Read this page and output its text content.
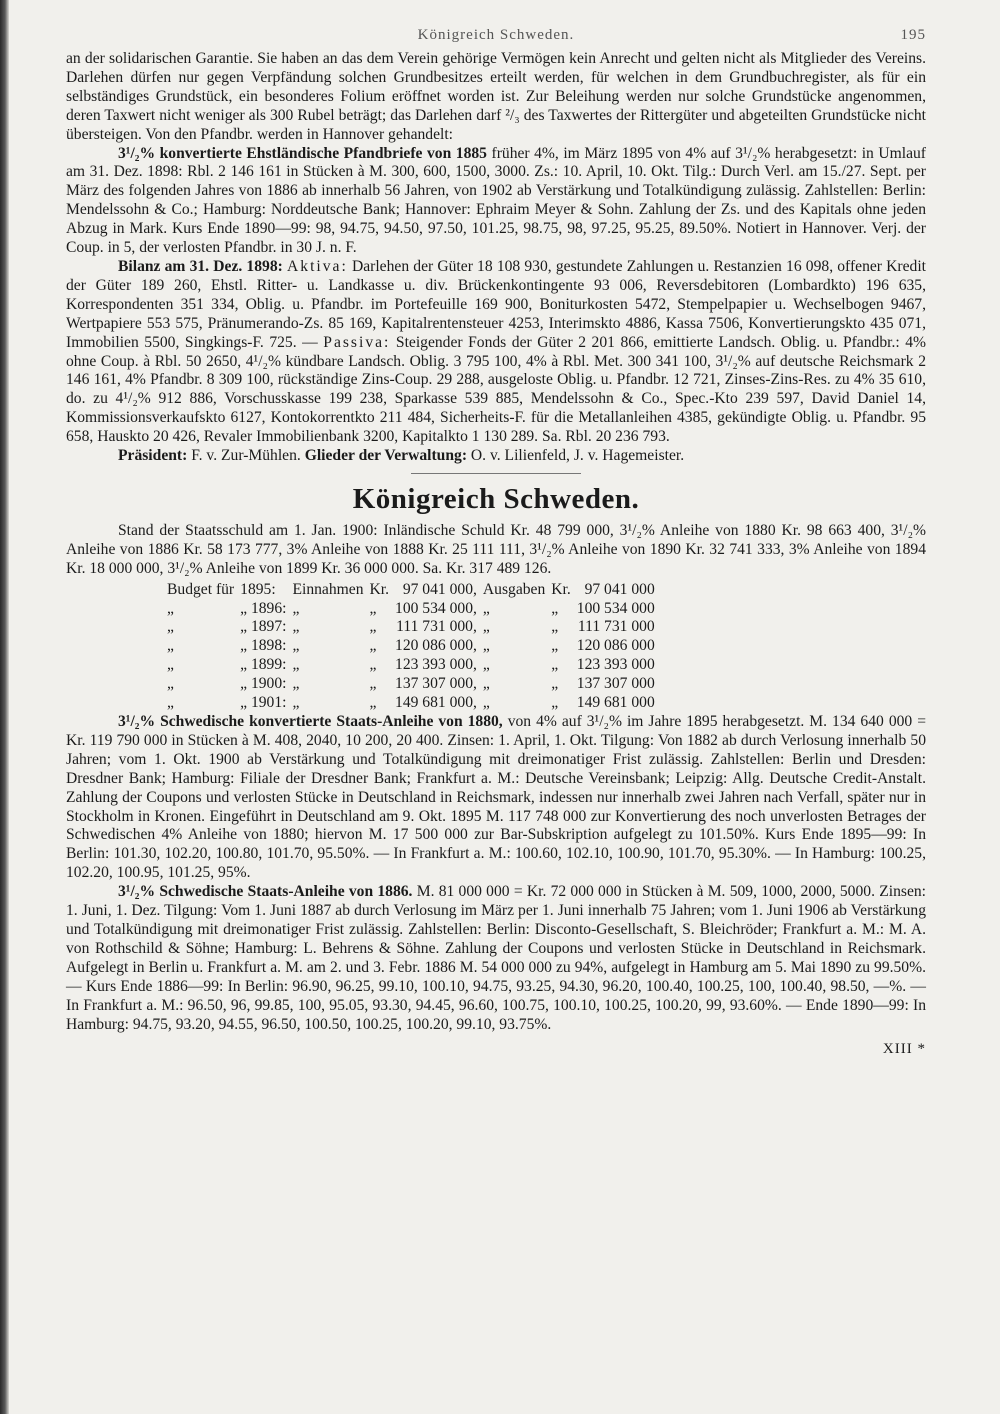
Königreich Schweden.	195

an der solidarischen Garantie. Sie haben an das dem Verein gehörige Vermögen kein Anrecht und gelten nicht als Mitglieder des Vereins. Darlehen dürfen nur gegen Verpfändung solchen Grundbesitzes erteilt werden, für welchen in dem Grundbuchregister, als für ein selbständiges Grundstück, ein besonderes Folium eröffnet worden ist. Zur Beleihung werden nur solche Grundstücke angenommen, deren Taxwert nicht weniger als 300 Rubel beträgt; das Darlehen darf ²/₃ des Taxwertes der Rittergüter und abgeteilten Grundstücke nicht übersteigen. Von den Pfandbr. werden in Hannover gehandelt:

3¹/₂% konvertierte Ehstländische Pfandbriefe von 1885 früher 4%, im März 1895 von 4% auf 3¹/₂% herabgesetzt: in Umlauf am 31. Dez. 1898: Rbl. 2 146 161 in Stücken à M. 300, 600, 1500, 3000. Zs.: 10. April, 10. Okt. Tilg.: Durch Verl. am 15./27. Sept. per März des folgenden Jahres von 1886 ab innerhalb 56 Jahren, von 1902 ab Verstärkung und Totalkündigung zulässig. Zahlstellen: Berlin: Mendelssohn & Co.; Hamburg: Norddeutsche Bank; Hannover: Ephraim Meyer & Sohn. Zahlung der Zs. und des Kapitals ohne jeden Abzug in Mark. Kurs Ende 1890—99: 98, 94.75, 94.50, 97.50, 101.25, 98.75, 98, 97.25, 95.25, 89.50%. Notiert in Hannover. Verj. der Coup. in 5, der verlosten Pfandbr. in 30 J. n. F.

Bilanz am 31. Dez. 1898: Aktiva: Darlehen der Güter 18 108 930, gestundete Zahlungen u. Restanzien 16 098, offener Kredit der Güter 189 260, Ehstl. Ritter- u. Landkasse u. div. Brückenkontingente 93 006, Reversdebitoren (Lombardkto) 196 635, Korrespondenten 351 334, Oblig. u. Pfandbr. im Portefeuille 169 900, Boniturkosten 5472, Stempelpapier u. Wechselbogen 9467, Wertpapiere 553 575, Pränumerando-Zs. 85 169, Kapitalrentensteuer 4253, Interimskto 4886, Kassa 7506, Konvertierungskto 435 071, Immobilien 5500, Singkings-F. 725. — Passiva: Steigender Fonds der Güter 2 201 866, emittierte Landsch. Oblig. u. Pfandbr.: 4% ohne Coup. à Rbl. 50 2650, 4¹/₂% kündbare Landsch. Oblig. 3 795 100, 4% à Rbl. Met. 300 341 100, 3¹/₂% auf deutsche Reichsmark 2 146 161, 4% Pfandbr. 8 309 100, rückständige Zins-Coup. 29 288, ausgeloste Oblig. u. Pfandbr. 12 721, Zinses-Zins-Res. zu 4% 35 610, do. zu 4¹/₂% 912 886, Vorschusskasse 199 238, Sparkasse 539 885, Mendelssohn & Co., Spec.-Kto 239 597, David Daniel 14, Kommissionsverkaufskto 6127, Kontokorrentkto 211 484, Sicherheits-F. für die Metallanleihen 4385, gekündigte Oblig. u. Pfandbr. 95 658, Hauskto 20 426, Revaler Immobilienbank 3200, Kapitalkto 1 130 289. Sa. Rbl. 20 236 793.

Präsident: F. v. Zur-Mühlen. Glieder der Verwaltung: O. v. Lilienfeld, J. v. Hagemeister.

Königreich Schweden.

Stand der Staatsschuld am 1. Jan. 1900: Inländische Schuld Kr. 48 799 000, 3¹/₂% Anleihe von 1880 Kr. 98 663 400, 3¹/₂% Anleihe von 1886 Kr. 58 173 777, 3% Anleihe von 1888 Kr. 25 111 111, 3¹/₂% Anleihe von 1890 Kr. 32 741 333, 3% Anleihe von 1894 Kr. 18 000 000, 3¹/₂% Anleihe von 1899 Kr. 36 000 000. Sa. Kr. 317 489 126.

Budget für	1895:	Einnahmen	Kr.	97 041 000,	Ausgaben	Kr.	97 041 000
„	„ 1896:	„	„	100 534 000,	„	„	100 534 000
„	„ 1897:	„	„	111 731 000,	„	„	111 731 000
„	„ 1898:	„	„	120 086 000,	„	„	120 086 000
„	„ 1899:	„	„	123 393 000,	„	„	123 393 000
„	„ 1900:	„	„	137 307 000,	„	„	137 307 000
„	„ 1901:	„	„	149 681 000,	„	„	149 681 000

3¹/₂% Schwedische konvertierte Staats-Anleihe von 1880, von 4% auf 3¹/₂% im Jahre 1895 herabgesetzt. M. 134 640 000 = Kr. 119 790 000 in Stücken à M. 408, 2040, 10 200, 20 400. Zinsen: 1. April, 1. Okt. Tilgung: Von 1882 ab durch Verlosung innerhalb 50 Jahren; vom 1. Okt. 1900 ab Verstärkung und Totalkündigung mit dreimonatiger Frist zulässig. Zahlstellen: Berlin und Dresden: Dresdner Bank; Hamburg: Filiale der Dresdner Bank; Frankfurt a. M.: Deutsche Vereinsbank; Leipzig: Allg. Deutsche Credit-Anstalt. Zahlung der Coupons und verlosten Stücke in Deutschland in Reichsmark, indessen nur innerhalb zwei Jahren nach Verfall, später nur in Stockholm in Kronen. Eingeführt in Deutschland am 9. Okt. 1895 M. 117 748 000 zur Konvertierung des noch unverlosten Betrages der Schwedischen 4% Anleihe von 1880; hiervon M. 17 500 000 zur Bar-Subskription aufgelegt zu 101.50%. Kurs Ende 1895—99: In Berlin: 101.30, 102.20, 100.80, 101.70, 95.50%. — In Frankfurt a. M.: 100.60, 102.10, 100.90, 101.70, 95.30%. — In Hamburg: 100.25, 102.20, 100.95, 101.25, 95%.

3¹/₂% Schwedische Staats-Anleihe von 1886. M. 81 000 000 = Kr. 72 000 000 in Stücken à M. 509, 1000, 2000, 5000. Zinsen: 1. Juni, 1. Dez. Tilgung: Vom 1. Juni 1887 ab durch Verlosung im März per 1. Juni innerhalb 75 Jahren; vom 1. Juni 1906 ab Verstärkung und Totalkündigung mit dreimonatiger Frist zulässig. Zahlstellen: Berlin: Disconto-Gesellschaft, S. Bleichröder; Frankfurt a. M.: M. A. von Rothschild & Söhne; Hamburg: L. Behrens & Söhne. Zahlung der Coupons und verlosten Stücke in Deutschland in Reichsmark. Aufgelegt in Berlin u. Frankfurt a. M. am 2. und 3. Febr. 1886 M. 54 000 000 zu 94%, aufgelegt in Hamburg am 5. Mai 1890 zu 99.50%. — Kurs Ende 1886—99: In Berlin: 96.90, 96.25, 99.10, 100.10, 94.75, 93.25, 94.30, 96.20, 100.40, 100.25, 100, 100.40, 98.50, —%. — In Frankfurt a. M.: 96.50, 96, 99.85, 100, 95.05, 93.30, 94.45, 96.60, 100.75, 100.10, 100.25, 100.20, 99, 93.60%. — Ende 1890—99: In Hamburg: 94.75, 93.20, 94.55, 96.50, 100.50, 100.25, 100.20, 99.10, 93.75%.

XIII *
